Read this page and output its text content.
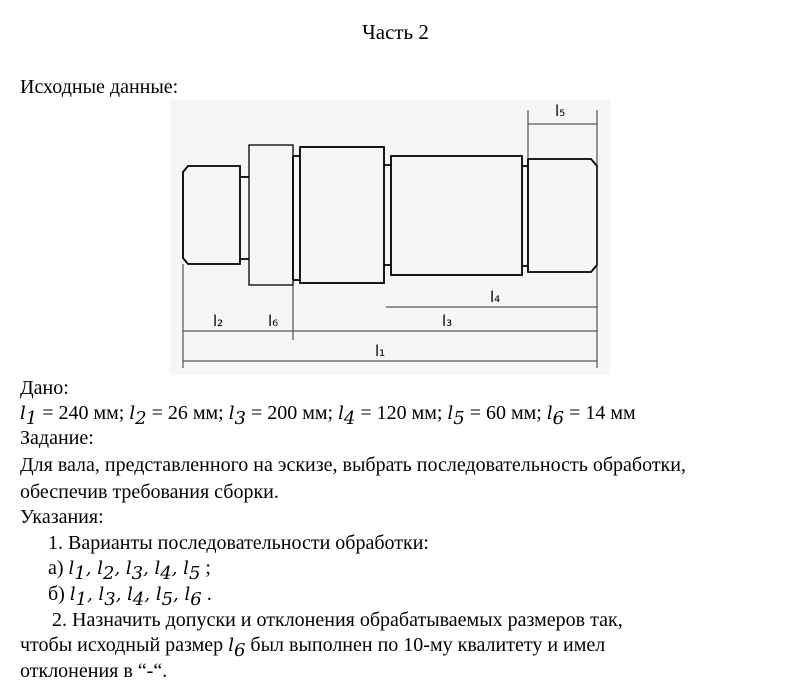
Часть 2
Исходные данные:
l₅
l₄
l₃
l₂	l₆
l₁
Дано:
$l_1 = 240$ мм; $l_2 = 26$ мм; $l_3 = 200$ мм; $l_4 = 120$ мм; $l_5 = 60$ мм; $l_6 = 14$ мм
Задание:
Для вала, представленного на эскизе, выбрать последовательность обработки,
обеспечив требования сборки.
Указания:
1. Варианты последовательности обработки:
а) $l_1$, $l_2$, $l_3$, $l_4$, $l_5$ ;
б) $l_1$, $l_3$, $l_4$, $l_5$, $l_6$ .
2. Назначить допуски и отклонения обрабатываемых размеров так,
чтобы исходный размер $l_6$ был выполнен по 10-му квалитету и имел
отклонения в “-“.
